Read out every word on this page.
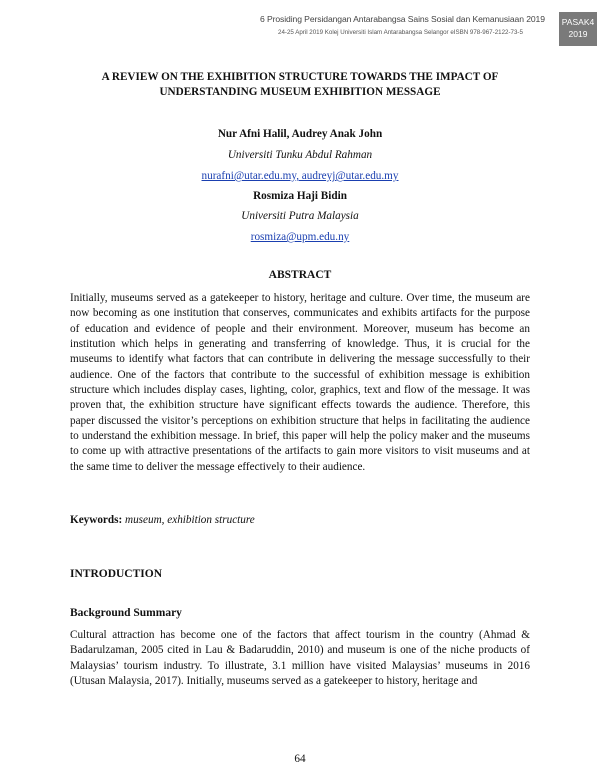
6 Prosiding Persidangan Antarabangsa Sains Sosial dan Kemanusiaan 2019
24-25 April 2019 Kolej Universiti Islam Antarabangsa Selangor eISBN 978-967-2122-73-5
PASAK4
2019
A REVIEW ON THE EXHIBITION STRUCTURE TOWARDS THE IMPACT OF
UNDERSTANDING MUSEUM EXHIBITION MESSAGE
Nur Afni Halil, Audrey Anak John
Universiti Tunku Abdul Rahman
nurafni@utar.edu.my, audreyj@utar.edu.my
Rosmiza Haji Bidin
Universiti Putra Malaysia
rosmiza@upm.edu.ny
ABSTRACT

Initially, museums served as a gatekeeper to history, heritage and culture. Over time, the museum are now becoming as one institution that conserves, communicates and exhibits artifacts for the purpose of education and evidence of people and their environment. Moreover, museum has become an institution which helps in generating and transferring of knowledge. Thus, it is crucial for the museums to identify what factors that can contribute in delivering the message successfully to their audience. One of the factors that contribute to the successful of exhibition message is exhibition structure which includes display cases, lighting, color, graphics, text and flow of the message. It was proven that, the exhibition structure have significant effects towards the audience. Therefore, this paper discussed the visitor’s perceptions on exhibition structure that helps in facilitating the audience to understand the exhibition message. In brief, this paper will help the policy maker and the museums to come up with attractive presentations of the artifacts to gain more visitors to visit museums and at the same time to deliver the message effectively to their audience.

Keywords: museum, exhibition structure
INTRODUCTION
Background Summary

Cultural attraction has become one of the factors that affect tourism in the country (Ahmad & Badarulzaman, 2005 cited in Lau & Badaruddin, 2010) and museum is one of the niche products of Malaysias’ tourism industry. To illustrate, 3.1 million have visited Malaysias’ museums in 2016 (Utusan Malaysia, 2017). Initially, museums served as a gatekeeper to history, heritage and

64
